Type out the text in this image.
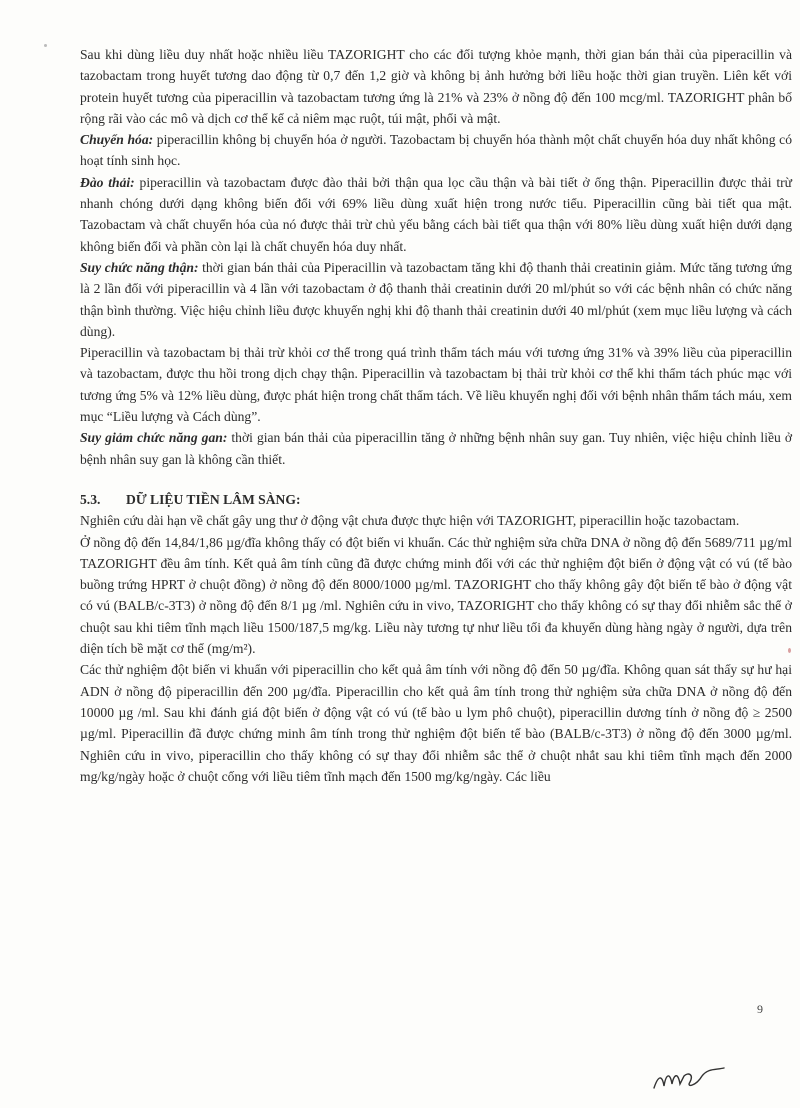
Sau khi dùng liều duy nhất hoặc nhiều liều TAZORIGHT cho các đối tượng khỏe mạnh, thời gian bán thải của piperacillin và tazobactam trong huyết tương dao động từ 0,7 đến 1,2 giờ và không bị ảnh hưởng bởi liều hoặc thời gian truyền. Liên kết với protein huyết tương của piperacillin và tazobactam tương ứng là 21% và 23% ở nồng độ đến 100 mcg/ml. TAZORIGHT phân bố rộng rãi vào các mô và dịch cơ thể kể cả niêm mạc ruột, túi mật, phổi và mật.

Chuyển hóa: piperacillin không bị chuyển hóa ở người. Tazobactam bị chuyển hóa thành một chất chuyển hóa duy nhất không có hoạt tính sinh học.

Đào thải: piperacillin và tazobactam được đào thải bởi thận qua lọc cầu thận và bài tiết ở ống thận. Piperacillin được thải trừ nhanh chóng dưới dạng không biến đổi với 69% liều dùng xuất hiện trong nước tiểu. Piperacillin cũng bài tiết qua mật. Tazobactam và chất chuyển hóa của nó được thải trừ chủ yếu bằng cách bài tiết qua thận với 80% liều dùng xuất hiện dưới dạng không biến đổi và phần còn lại là chất chuyển hóa duy nhất.

Suy chức năng thận: thời gian bán thải của Piperacillin và tazobactam tăng khi độ thanh thải creatinin giảm. Mức tăng tương ứng là 2 lần đối với piperacillin và 4 lần với tazobactam ở độ thanh thải creatinin dưới 20 ml/phút so với các bệnh nhân có chức năng thận bình thường. Việc hiệu chỉnh liều được khuyến nghị khi độ thanh thải creatinin dưới 40 ml/phút (xem mục liều lượng và cách dùng).

Piperacillin và tazobactam bị thải trừ khỏi cơ thể trong quá trình thẩm tách máu với tương ứng 31% và 39% liều của piperacillin và tazobactam, được thu hồi trong dịch chạy thận. Piperacillin và tazobactam bị thải trừ khỏi cơ thể khi thẩm tách phúc mạc với tương ứng 5% và 12% liều dùng, được phát hiện trong chất thẩm tách. Về liều khuyến nghị đối với bệnh nhân thẩm tách máu, xem mục “Liều lượng và Cách dùng”.

Suy giảm chức năng gan: thời gian bán thải của piperacillin tăng ở những bệnh nhân suy gan. Tuy nhiên, việc hiệu chỉnh liều ở bệnh nhân suy gan là không cần thiết.

5.3. DỮ LIỆU TIỀN LÂM SÀNG:

Nghiên cứu dài hạn về chất gây ung thư ở động vật chưa được thực hiện với TAZORIGHT, piperacillin hoặc tazobactam.

Ở nồng độ đến 14,84/1,86 µg/đĩa không thấy có đột biến vi khuẩn. Các thử nghiệm sửa chữa DNA ở nồng độ đến 5689/711 µg/ml TAZORIGHT đều âm tính. Kết quả âm tính cũng đã được chứng minh đối với các thử nghiệm đột biến ở động vật có vú (tế bào buồng trứng HPRT ở chuột đồng) ở nồng độ đến 8000/1000 µg/ml. TAZORIGHT cho thấy không gây đột biến tế bào ở động vật có vú (BALB/c-3T3) ở nồng độ đến 8/1 µg /ml. Nghiên cứu in vivo, TAZORIGHT cho thấy không có sự thay đổi nhiễm sắc thể ở chuột sau khi tiêm tĩnh mạch liều 1500/187,5 mg/kg. Liều này tương tự như liều tối đa khuyến dùng hàng ngày ở người, dựa trên diện tích bề mặt cơ thể (mg/m²).

Các thử nghiệm đột biến vi khuẩn với piperacillin cho kết quả âm tính với nồng độ đến 50 µg/đĩa. Không quan sát thấy sự hư hại ADN ở nồng độ piperacillin đến 200 µg/đĩa. Piperacillin cho kết quả âm tính trong thử nghiệm sửa chữa DNA ở nồng độ đến 10000 µg /ml. Sau khi đánh giá đột biến ở động vật có vú (tế bào u lym phô chuột), piperacillin dương tính ở nồng độ ≥ 2500 µg/ml. Piperacillin đã được chứng minh âm tính trong thử nghiệm đột biến tế bào (BALB/c-3T3) ở nồng độ đến 3000 µg/ml. Nghiên cứu in vivo, piperacillin cho thấy không có sự thay đổi nhiễm sắc thể ở chuột nhắt sau khi tiêm tĩnh mạch đến 2000 mg/kg/ngày hoặc ở chuột cống với liều tiêm tĩnh mạch đến 1500 mg/kg/ngày. Các liều

9
